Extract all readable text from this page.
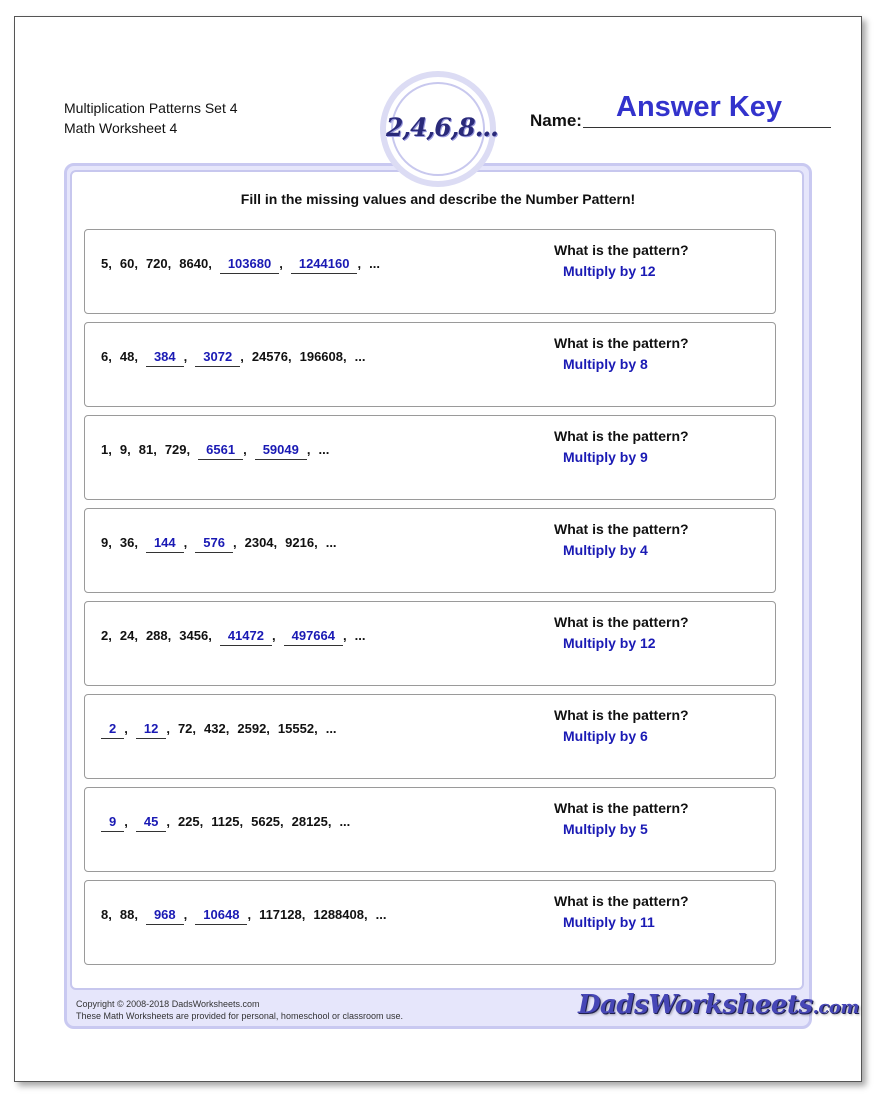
Multiplication Patterns Set 4
Math Worksheet 4	2,4,6,8... Name: Answer Key
Fill in the missing values and describe the Number Pattern!
5, 60, 720, 8640, 103680 , 1244160 , ...
What is the pattern?
Multiply by 12
6, 48, 384 , 3072 , 24576, 196608, ...
What is the pattern?
Multiply by 8
1, 9, 81, 729, 6561 , 59049 , ...
What is the pattern?
Multiply by 9
9, 36, 144 , 576 , 2304, 9216, ...
What is the pattern?
Multiply by 4
2, 24, 288, 3456, 41472 , 497664 , ...
What is the pattern?
Multiply by 12
2 , 12 , 72, 432, 2592, 15552, ...
What is the pattern?
Multiply by 6
9 , 45 , 225, 1125, 5625, 28125, ...
What is the pattern?
Multiply by 5
8, 88, 968 , 10648 , 117128, 1288408, ...
What is the pattern?
Multiply by 11
Copyright © 2008-2018 DadsWorksheets.com
These Math Worksheets are provided for personal, homeschool or classroom use.	DadsWorksheets.com
